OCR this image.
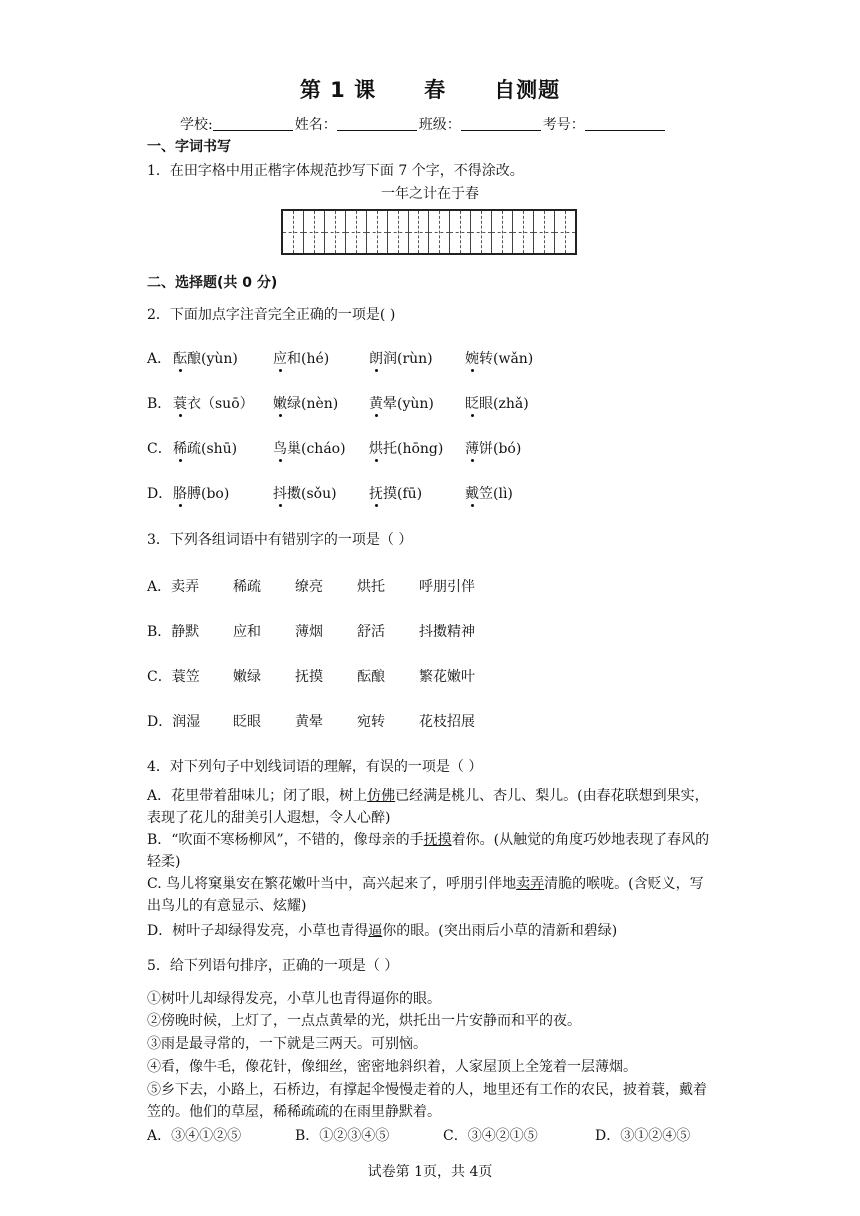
第 1 课 春 自测题
学校:	姓名：	班级：	考号：
一、字词书写
1．在田字格中用正楷字体规范抄写下面 7 个字，不得涂改。
一年之计在于春
二、选择题(共 0 分)
2．下面加点字注音完全正确的一项是( )
A． 酝酿(yùn)	应和(hé)	朗润(rùn) 婉转(wǎn)
B． 蓑衣（suō） 嫩绿(nèn) 黄晕(yùn) 眨眼(zhǎ)
C．稀疏(shū)	鸟巢(cháo) 烘托(hōng) 薄饼(bó)
D．胳膊(bo)	抖擞(sǒu) 抚摸(fū)	戴笠(lì)
3．下列各组词语中有错别字的一项是（ ）
A．卖弄 稀疏 缭亮 烘托 呼朋引伴
B．静默 应和 薄烟 舒活 抖擞精神
C．蓑笠 嫩绿 抚摸 酝酿 繁花嫩叶
D．润湿 眨眼 黄晕 宛转 花枝招展
4．对下列句子中划线词语的理解，有误的一项是（ ）
A．花里带着甜味儿；闭了眼，树上仿佛已经满是桃儿、杏儿、梨儿。(由春花联想到果实，表现了花儿的甜美引人遐想，令人心醉)
B．“吹面不寒杨柳风”，不错的，像母亲的手抚摸着你。(从触觉的角度巧妙地表现了春风的轻柔)
C. 鸟儿将窠巢安在繁花嫩叶当中，高兴起来了，呼朋引伴地卖弄清脆的喉咙。(含贬义，写出鸟儿的有意显示、炫耀)
D．树叶子却绿得发亮，小草也青得逼你的眼。(突出雨后小草的清新和碧绿)
5．给下列语句排序，正确的一项是（ ）
①树叶儿却绿得发亮，小草儿也青得逼你的眼。
②傍晚时候，上灯了，一点点黄晕的光，烘托出一片安静而和平的夜。
③雨是最寻常的，一下就是三两天。可别恼。
④看，像牛毛，像花针，像细丝，密密地斜织着，人家屋顶上全笼着一层薄烟。
⑤乡下去，小路上，石桥边，有撑起伞慢慢走着的人，地里还有工作的农民，披着蓑，戴着笠的。他们的草屋，稀稀疏疏的在雨里静默着。
A．③④①②⑤	B．①②③④⑤	C．③④②①⑤	D．③①②④⑤
试卷第 1页，共 4页
